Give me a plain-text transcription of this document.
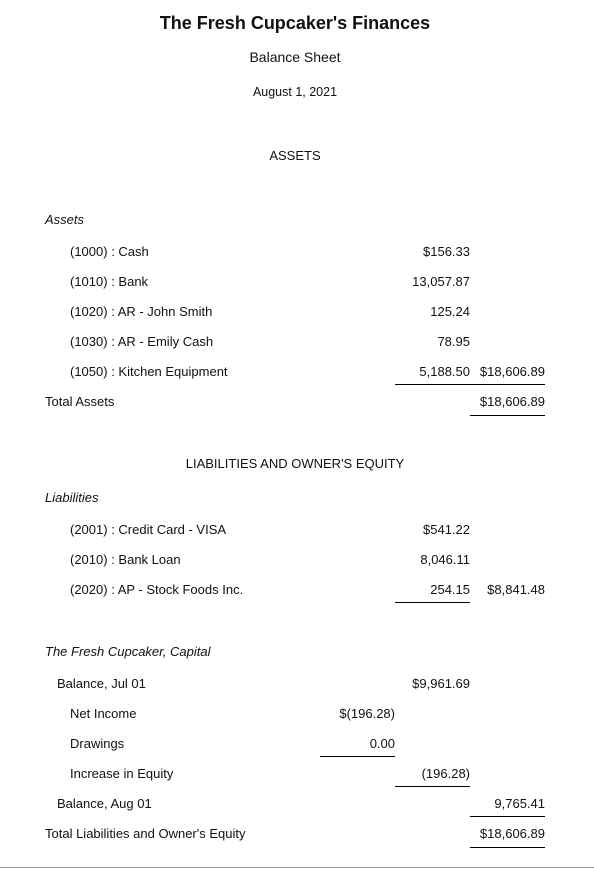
The Fresh Cupcaker's Finances
Balance Sheet
August 1, 2021
ASSETS
Assets
(1000) : Cash	$156.33
(1010) : Bank	13,057.87
(1020) : AR - John Smith	125.24
(1030) : AR - Emily Cash	78.95
(1050) : Kitchen Equipment	5,188.50 $18,606.89
Total Assets	$18,606.89
LIABILITIES AND OWNER'S EQUITY
Liabilities
(2001) : Credit Card - VISA	$541.22
(2010) : Bank Loan	8,046.11
(2020) : AP - Stock Foods Inc.	254.15	$8,841.48
The Fresh Cupcaker, Capital
Balance, Jul 01	$9,961.69
Net Income	$(196.28)
Drawings	0.00
Increase in Equity	(196.28)
Balance, Aug 01	9,765.41
Total Liabilities and Owner's Equity	$18,606.89
